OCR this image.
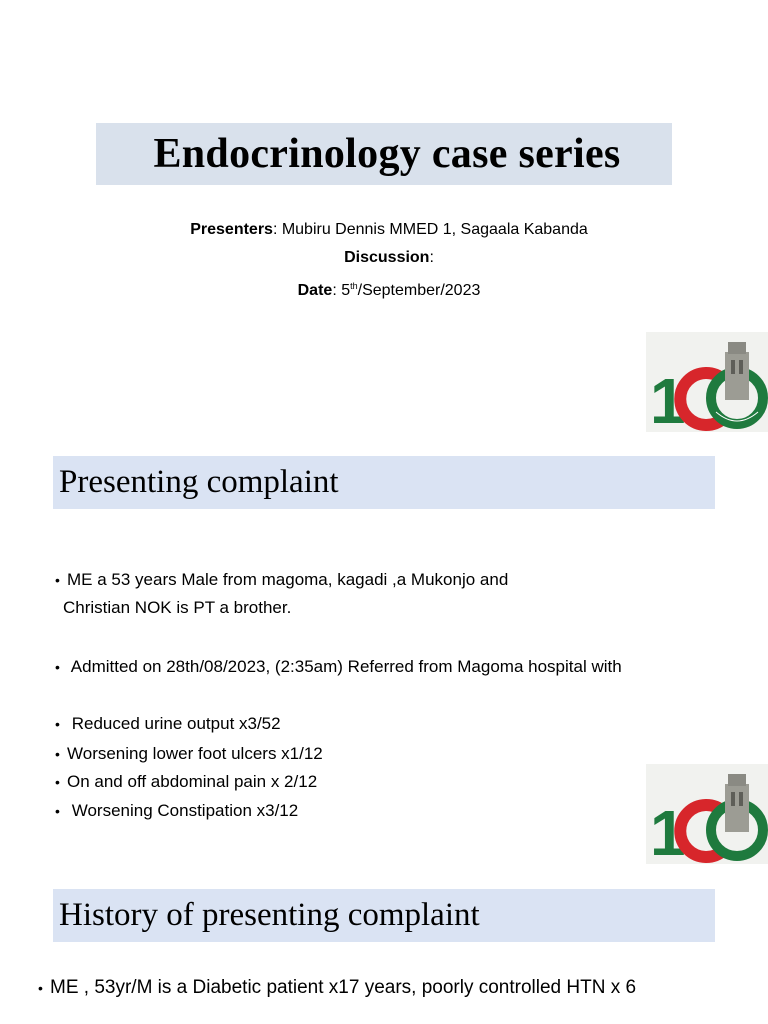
Endocrinology case series
Presenters: Mubiru Dennis MMED 1, Sagaala Kabanda
Discussion:
Date: 5th/September/2023
1
Presenting complaint
• ME a 53 years Male from magoma, kagadi ,a Mukonjo and
Christian NOK is PT a brother.
• Admitted on 28th/08/2023, (2:35am) Referred from Magoma hospital with
• Reduced urine output x3/52
• Worsening lower foot ulcers x1/12
• On and off abdominal pain x 2/12
• Worsening Constipation x3/12	1
History of presenting complaint
• ME , 53yr/M is a Diabetic patient x17 years, poorly controlled HTN x 6
